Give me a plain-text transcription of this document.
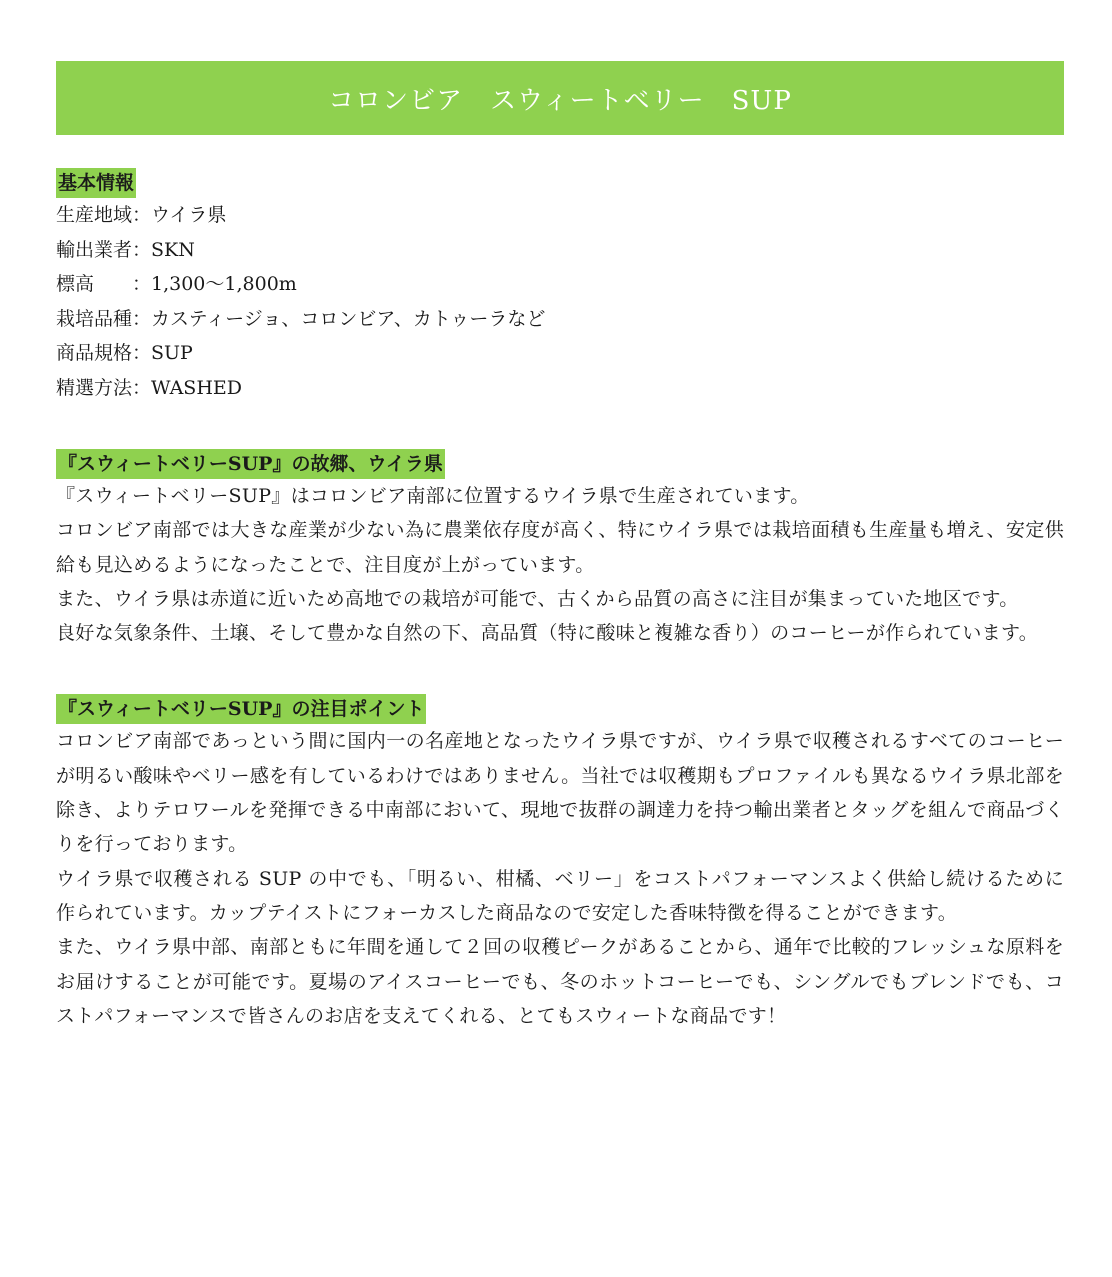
コロンビア　スウィートベリー　SUP
基本情報
生産地域：ウイラ県
輸出業者：SKN
標高　　：1,300〜1,800m
栽培品種：カスティージョ、コロンビア、カトゥーラなど
商品規格：SUP
精選方法：WASHED
『スウィートベリーSUP』の故郷、ウイラ県

『スウィートベリーSUP』はコロンビア南部に位置するウイラ県で生産されています。

コロンビア南部では大きな産業が少ない為に農業依存度が高く、特にウイラ県では栽培面積も生産量も増え、安定供給も見込めるようになったことで、注目度が上がっています。

また、ウイラ県は赤道に近いため高地での栽培が可能で、古くから品質の高さに注目が集まっていた地区です。

良好な気象条件、土壌、そして豊かな自然の下、高品質（特に酸味と複雑な香り）のコーヒーが作られています。

『スウィートベリーSUP』の注目ポイント

コロンビア南部であっという間に国内一の名産地となったウイラ県ですが、ウイラ県で収穫されるすべてのコーヒーが明るい酸味やベリー感を有しているわけではありません。当社では収穫期もプロファイルも異なるウイラ県北部を除き、よりテロワールを発揮できる中南部において、現地で抜群の調達力を持つ輸出業者とタッグを組んで商品づくりを行っております。

ウイラ県で収穫される SUP の中でも、「明るい、柑橘、ベリー」をコストパフォーマンスよく供給し続けるために作られています。カップテイストにフォーカスした商品なので安定した香味特徴を得ることができます。

また、ウイラ県中部、南部ともに年間を通して２回の収穫ピークがあることから、通年で比較的フレッシュな原料をお届けすることが可能です。夏場のアイスコーヒーでも、冬のホットコーヒーでも、シングルでもブレンドでも、コストパフォーマンスで皆さんのお店を支えてくれる、とてもスウィートな商品です！
